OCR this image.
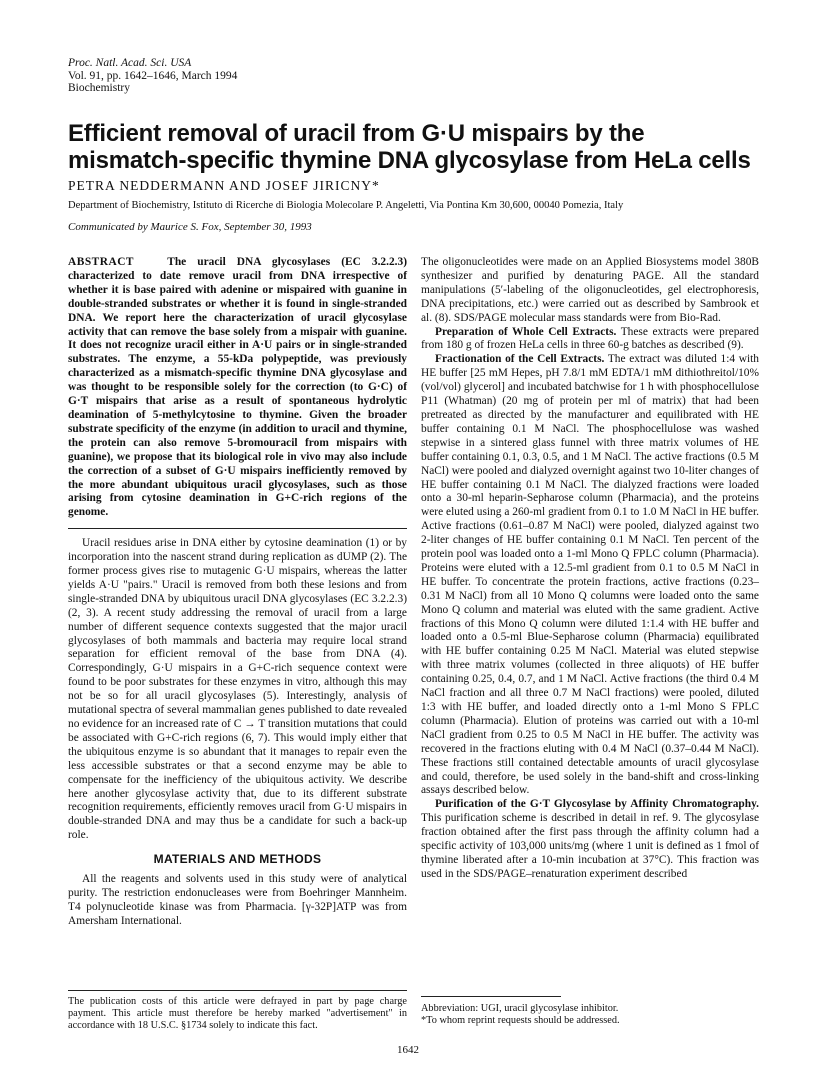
Proc. Natl. Acad. Sci. USA
Vol. 91, pp. 1642–1646, March 1994
Biochemistry
Efficient removal of uracil from G·U mispairs by the mismatch-specific thymine DNA glycosylase from HeLa cells
PETRA NEDDERMANN AND JOSEF JIRICNY*
Department of Biochemistry, Istituto di Ricerche di Biologia Molecolare P. Angeletti, Via Pontina Km 30,600, 00040 Pomezia, Italy
Communicated by Maurice S. Fox, September 30, 1993
ABSTRACT	The uracil DNA glycosylases (EC 3.2.2.3) characterized to date remove uracil from DNA irrespective of whether it is base paired with adenine or mispaired with guanine in double-stranded substrates or whether it is found in single-stranded DNA. We report here the characterization of uracil glycosylase activity that can remove the base solely from a mispair with guanine. It does not recognize uracil either in A·U pairs or in single-stranded substrates. The enzyme, a 55-kDa polypeptide, was previously characterized as a mismatch-specific thymine DNA glycosylase and was thought to be responsible solely for the correction (to G·C) of G·T mispairs that arise as a result of spontaneous hydrolytic deamination of 5-methylcytosine to thymine. Given the broader substrate specificity of the enzyme (in addition to uracil and thymine, the protein can also remove 5-bromouracil from mispairs with guanine), we propose that its biological role in vivo may also include the correction of a subset of G·U mispairs inefficiently removed by the more abundant ubiquitous uracil glycosylases, such as those arising from cytosine deamination in G+C-rich regions of the genome.

Uracil residues arise in DNA either by cytosine deamination (1) or by incorporation into the nascent strand during replication as dUMP (2). The former process gives rise to mutagenic G·U mispairs, whereas the latter yields A·U "pairs." Uracil is removed from both these lesions and from single-stranded DNA by ubiquitous uracil DNA glycosylases (EC 3.2.2.3) (2, 3). A recent study addressing the removal of uracil from a large number of different sequence contexts suggested that the major uracil glycosylases of both mammals and bacteria may require local strand separation for efficient removal of the base from DNA (4). Correspondingly, G·U mispairs in a G+C-rich sequence context were found to be poor substrates for these enzymes in vitro, although this may not be so for all uracil glycosylases (5). Interestingly, analysis of mutational spectra of several mammalian genes published to date revealed no evidence for an increased rate of C → T transition mutations that could be associated with G+C-rich regions (6, 7). This would imply either that the ubiquitous enzyme is so abundant that it manages to repair even the less accessible substrates or that a second enzyme may be able to compensate for the inefficiency of the ubiquitous activity. We describe here another glycosylase activity that, due to its different substrate recognition requirements, efficiently removes uracil from G·U mispairs in double-stranded DNA and may thus be a candidate for such a back-up role.

MATERIALS AND METHODS

All the reagents and solvents used in this study were of analytical purity. The restriction endonucleases were from Boehringer Mannheim. T4 polynucleotide kinase was from Pharmacia. [γ-32P]ATP was from Amersham International.

The oligonucleotides were made on an Applied Biosystems model 380B synthesizer and purified by denaturing PAGE. All the standard manipulations (5′-labeling of the oligonucleotides, gel electrophoresis, DNA precipitations, etc.) were carried out as described by Sambrook et al. (8). SDS/PAGE molecular mass standards were from Bio-Rad.

Preparation of Whole Cell Extracts. These extracts were prepared from 180 g of frozen HeLa cells in three 60-g batches as described (9).

Fractionation of the Cell Extracts. The extract was diluted 1:4 with HE buffer [25 mM Hepes, pH 7.8/1 mM EDTA/1 mM dithiothreitol/10% (vol/vol) glycerol] and incubated batchwise for 1 h with phosphocellulose P11 (Whatman) (20 mg of protein per ml of matrix) that had been pretreated as directed by the manufacturer and equilibrated with HE buffer containing 0.1 M NaCl. The phosphocellulose was washed stepwise in a sintered glass funnel with three matrix volumes of HE buffer containing 0.1, 0.3, 0.5, and 1 M NaCl. The active fractions (0.5 M NaCl) were pooled and dialyzed overnight against two 10-liter changes of HE buffer containing 0.1 M NaCl. The dialyzed fractions were loaded onto a 30-ml heparin-Sepharose column (Pharmacia), and the proteins were eluted using a 260-ml gradient from 0.1 to 1.0 M NaCl in HE buffer. Active fractions (0.61–0.87 M NaCl) were pooled, dialyzed against two 2-liter changes of HE buffer containing 0.1 M NaCl. Ten percent of the protein pool was loaded onto a 1-ml Mono Q FPLC column (Pharmacia). Proteins were eluted with a 12.5-ml gradient from 0.1 to 0.5 M NaCl in HE buffer. To concentrate the protein fractions, active fractions (0.23–0.31 M NaCl) from all 10 Mono Q columns were loaded onto the same Mono Q column and material was eluted with the same gradient. Active fractions of this Mono Q column were diluted 1:1.4 with HE buffer and loaded onto a 0.5-ml Blue-Sepharose column (Pharmacia) equilibrated with HE buffer containing 0.25 M NaCl. Material was eluted stepwise with three matrix volumes (collected in three aliquots) of HE buffer containing 0.25, 0.4, 0.7, and 1 M NaCl. Active fractions (the third 0.4 M NaCl fraction and all three 0.7 M NaCl fractions) were pooled, diluted 1:3 with HE buffer, and loaded directly onto a 1-ml Mono S FPLC column (Pharmacia). Elution of proteins was carried out with a 10-ml NaCl gradient from 0.25 to 0.5 M NaCl in HE buffer. The activity was recovered in the fractions eluting with 0.4 M NaCl (0.37–0.44 M NaCl). These fractions still contained detectable amounts of uracil glycosylase and could, therefore, be used solely in the band-shift and cross-linking assays described below.

Purification of the G·T Glycosylase by Affinity Chromatography. This purification scheme is described in detail in ref. 9. The glycosylase fraction obtained after the first pass through the affinity column had a specific activity of 103,000 units/mg (where 1 unit is defined as 1 fmol of thymine liberated after a 10-min incubation at 37°C). This fraction was used in the SDS/PAGE–renaturation experiment described

The publication costs of this article were defrayed in part by page charge payment. This article must therefore be hereby marked "advertisement" in accordance with 18 U.S.C. §1734 solely to indicate this fact.
Abbreviation: UGI, uracil glycosylase inhibitor.
*To whom reprint requests should be addressed.
1642
